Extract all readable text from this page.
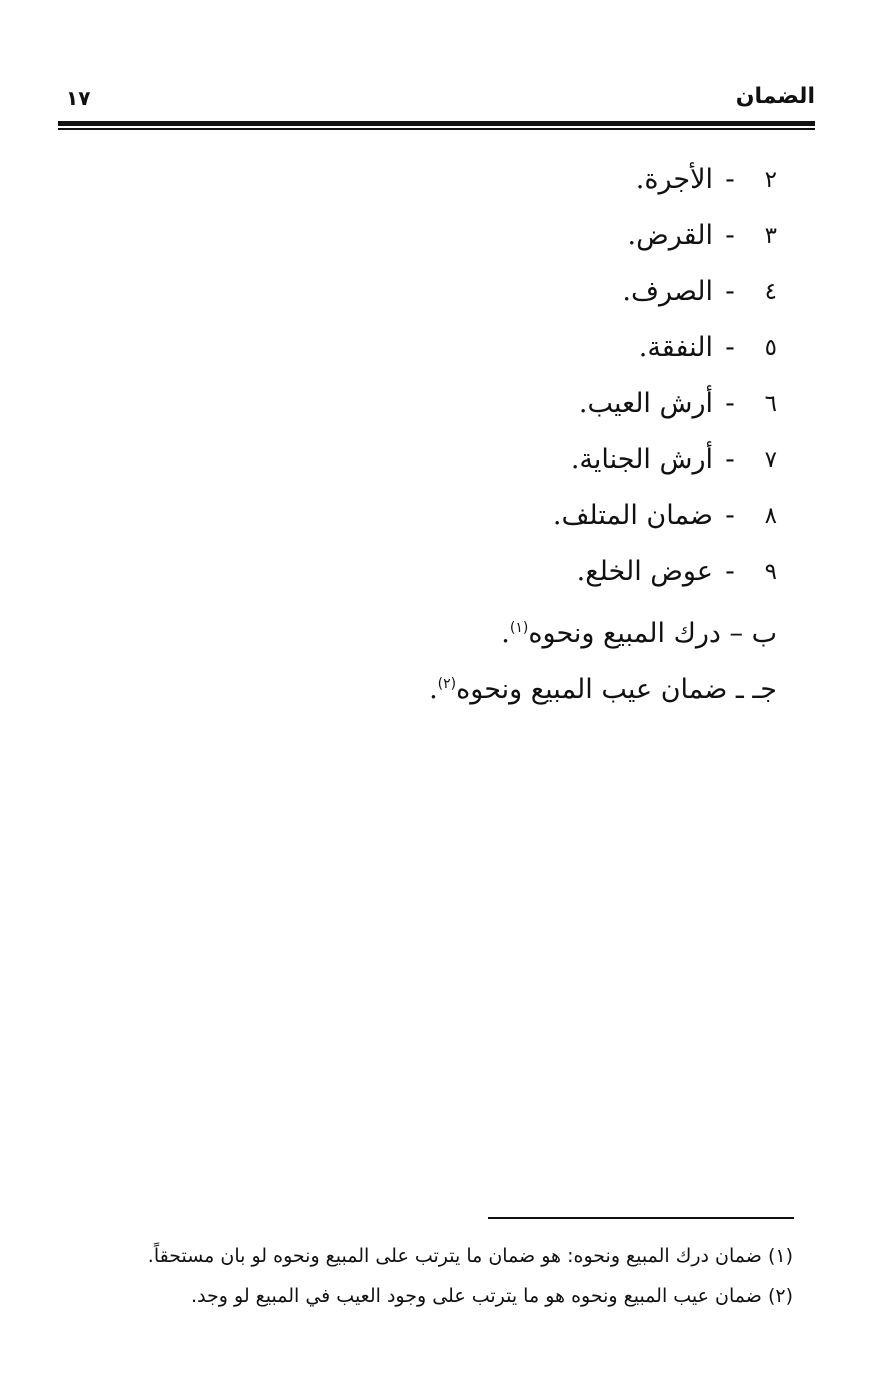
الضمان
١٧
٢
-
الأجرة.
٣
-
القرض.
٤
-
الصرف.
٥
-
النفقة.
٦
-
أرش العيب.
٧
-
أرش الجناية.
٨
-
ضمان المتلف.
٩
-
عوض الخلع.
ب – درك المبيع ونحوه$^{(١)}$.
جـ ـ ضمان عيب المبيع ونحوه$^{(٢)}$.
(١) ضمان درك المبيع ونحوه: هو ضمان ما يترتب على المبيع ونحوه لو بان مستحقاً.
(٢) ضمان عيب المبيع ونحوه هو ما يترتب على وجود العيب في المبيع لو وجد.
